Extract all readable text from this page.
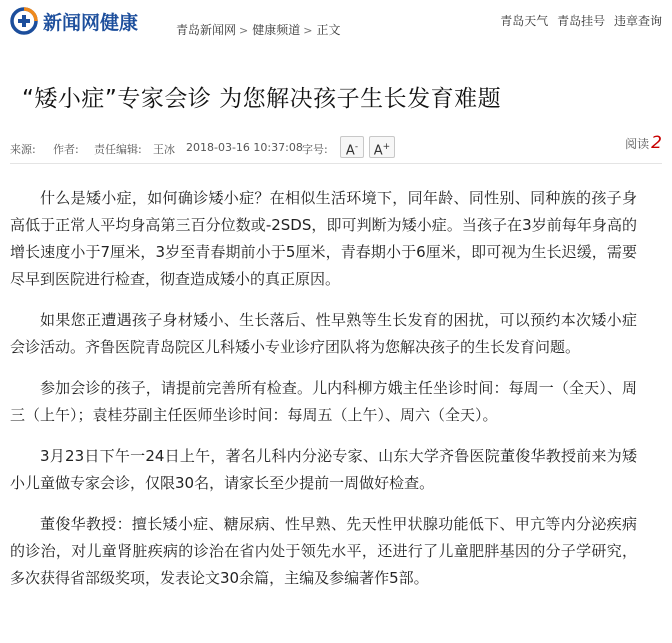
新闻网健康	青岛新闻网 > 健康频道 > 正文
青岛天气 青岛挂号 违章查询
“矮小症”专家会诊 为您解决孩子生长发育难题
来源: 作者: 责任编辑: 王冰 2018-03-16 10:37:08 字号:	A-	A+	阅读 2

什么是矮小症，如何确诊矮小症？在相似生活环境下，同年龄、同性别、同种族的孩子身高低于正常人平均身高第三百分位数或-2SDS，即可判断为矮小症。当孩子在3岁前每年身高的增长速度小于7厘米，3岁至青春期前小于5厘米，青春期小于6厘米，即可视为生长迟缓，需要尽早到医院进行检查，彻查造成矮小的真正原因。

如果您正遭遇孩子身材矮小、生长落后、性早熟等生长发育的困扰，可以预约本次矮小症会诊活动。齐鲁医院青岛院区儿科矮小专业诊疗团队将为您解决孩子的生长发育问题。

参加会诊的孩子，请提前完善所有检查。儿内科柳方娥主任坐诊时间：每周一（全天）、周三（上午）；袁桂芬副主任医师坐诊时间：每周五（上午）、周六（全天）。

3月23日下午一24日上午，著名儿科内分泌专家、山东大学齐鲁医院董俊华教授前来为矮小儿童做专家会诊，仅限30名，请家长至少提前一周做好检查。

董俊华教授：擅长矮小症、糖尿病、性早熟、先天性甲状腺功能低下、甲亢等内分泌疾病的诊治，对儿童肾脏疾病的诊治在省内处于领先水平，还进行了儿童肥胖基因的分子学研究，多次获得省部级奖项，发表论文30余篇，主编及参编著作5部。
